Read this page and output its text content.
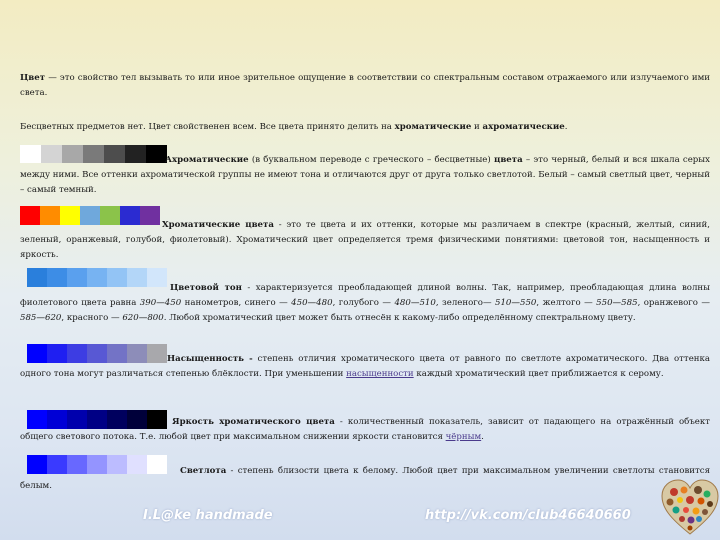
Цвет — это свойство тел вызывать то или иное зрительное ощущение в соответствии со спектральным составом отражаемого или излучаемого ими света.

Бесцветных предметов нет. Цвет свойственен всем. Все цвета принято делить на хроматические и ахроматические.

Ахроматические (в буквальном переводе с греческого – бесцветные) цвета – это черный, белый и вся шкала серых между ними. Все оттенки ахроматической группы не имеют тона и отличаются друг от друга только светлотой. Белый – самый светлый цвет, черный – самый темный.

Хроматические цвета - это те цвета и их оттенки, которые мы различаем в спектре (красный, желтый, синий, зеленый, оранжевый, голубой, фиолетовый). Хроматический цвет определяется тремя физическими понятиями: цветовой тон, насыщенность и яркость.

Цветовой тон - характеризуется преобладающей длиной волны. Так, например, преобладающая длина волны фиолетового цвета равна 390—450 нанометров, синего — 450—480, голубого — 480—510, зеленого— 510—550, желтого — 550—585, оранжевого — 585—620, красного — 620—800. Любой хроматический цвет может быть отнесён к какому-либо определённому спектральному цвету.

Насыщенность - степень отличия хроматического цвета от равного по светлоте ахроматического. Два оттенка одного тона могут различаться степенью блёклости. При уменьшении насыщенности каждый хроматический цвет приближается к серому.

Яркость хроматического цвета - количественный показатель, зависит от падающего на отражённый объект общего светового потока. Т.е. любой цвет при максимальном снижении яркости становится чёрным.

Светлота - степень близости цвета к белому. Любой цвет при максимальном увеличении светлоты становится белым.

I.L@ke handmade	http://vk.com/club46640660
